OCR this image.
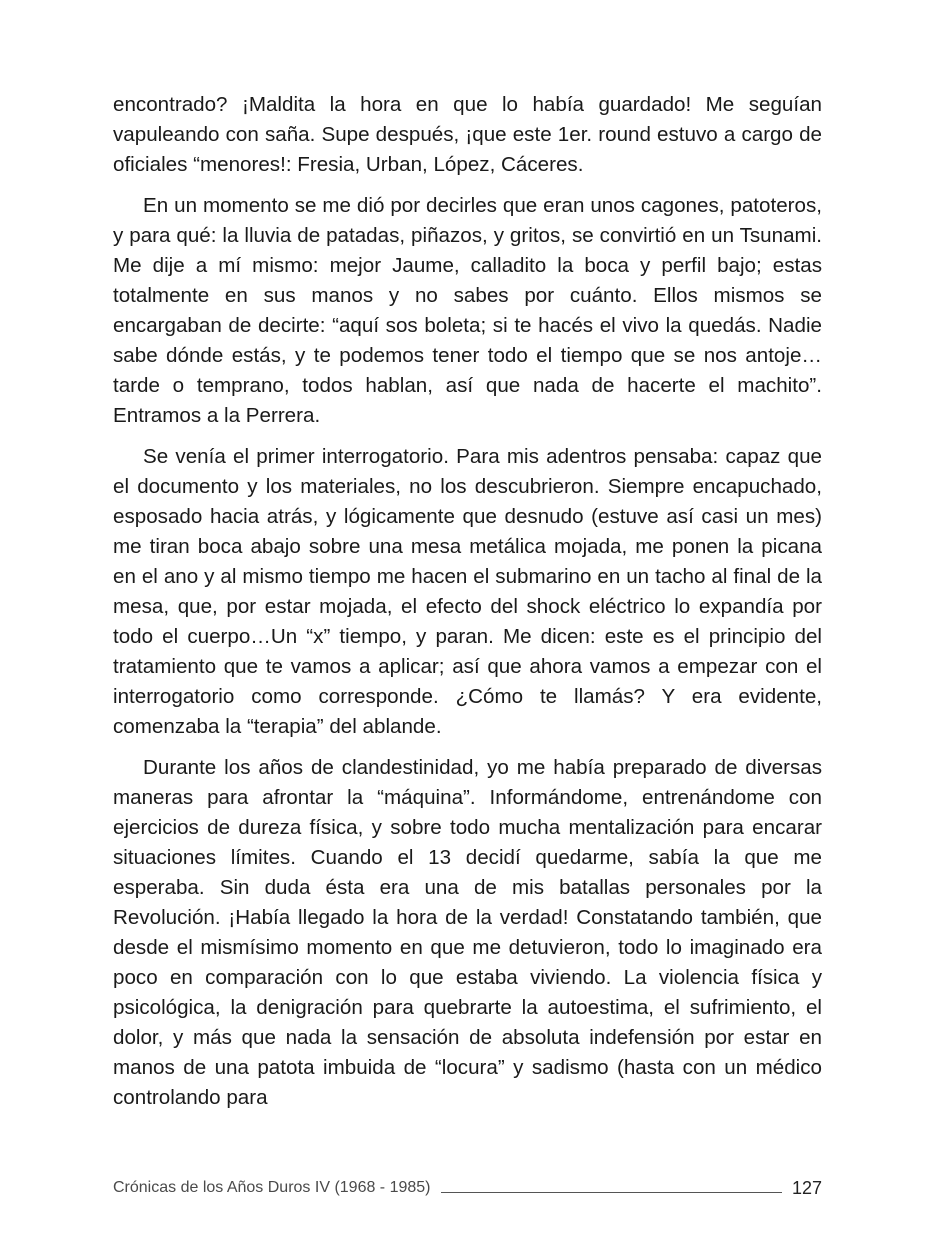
encontrado? ¡Maldita la hora en que lo había guardado! Me seguían vapuleando con saña. Supe después, ¡que este 1er. round estuvo a cargo de oficiales “menores!: Fresia, Urban, López, Cáceres.

En un momento se me dió por decirles que eran unos cagones, patoteros, y para qué: la lluvia de patadas, piñazos, y gritos, se convirtió en un Tsunami. Me dije a mí mismo: mejor Jaume, calladito la boca y perfil bajo; estas totalmente en sus manos y no sabes por cuánto. Ellos mismos se encargaban de decirte: “aquí sos boleta; si te hacés el vivo la quedás. Nadie sabe dónde estás, y te podemos tener todo el tiempo que se nos antoje… tarde o temprano, todos hablan, así que nada de hacerte el machito”. Entramos a la Perrera.

Se venía el primer interrogatorio. Para mis adentros pensaba: capaz que el documento y los materiales, no los descubrieron. Siempre encapuchado, esposado hacia atrás, y lógicamente que desnudo (estuve así casi un mes) me tiran boca abajo sobre una mesa metálica mojada, me ponen la picana en el ano y al mismo tiempo me hacen el submarino en un tacho al final de la mesa, que, por estar mojada, el efecto del shock eléctrico lo expandía por todo el cuerpo…Un “x” tiempo, y paran. Me dicen: este es el principio del tratamiento que te vamos a aplicar; así que ahora vamos a empezar con el interrogatorio como corresponde. ¿Cómo te llamás? Y era evidente, comenzaba la “terapia” del ablande.

Durante los años de clandestinidad, yo me había preparado de diversas maneras para afrontar la “máquina”. Informándome, entrenándome con ejercicios de dureza física, y sobre todo mucha mentalización para encarar situaciones límites. Cuando el 13 decidí quedarme, sabía la que me esperaba. Sin duda ésta era una de mis batallas personales por la Revolución. ¡Había llegado la hora de la verdad! Constatando también, que desde el mismísimo momento en que me detuvieron, todo lo imaginado era poco en comparación con lo que estaba viviendo. La violencia física y psicológica, la denigración para quebrarte la autoestima, el sufrimiento, el dolor, y más que nada la sensación de absoluta indefensión por estar en manos de una patota imbuida de “locura” y sadismo (hasta con un médico controlando para

Crónicas de los Años Duros IV (1968 - 1985)	127
